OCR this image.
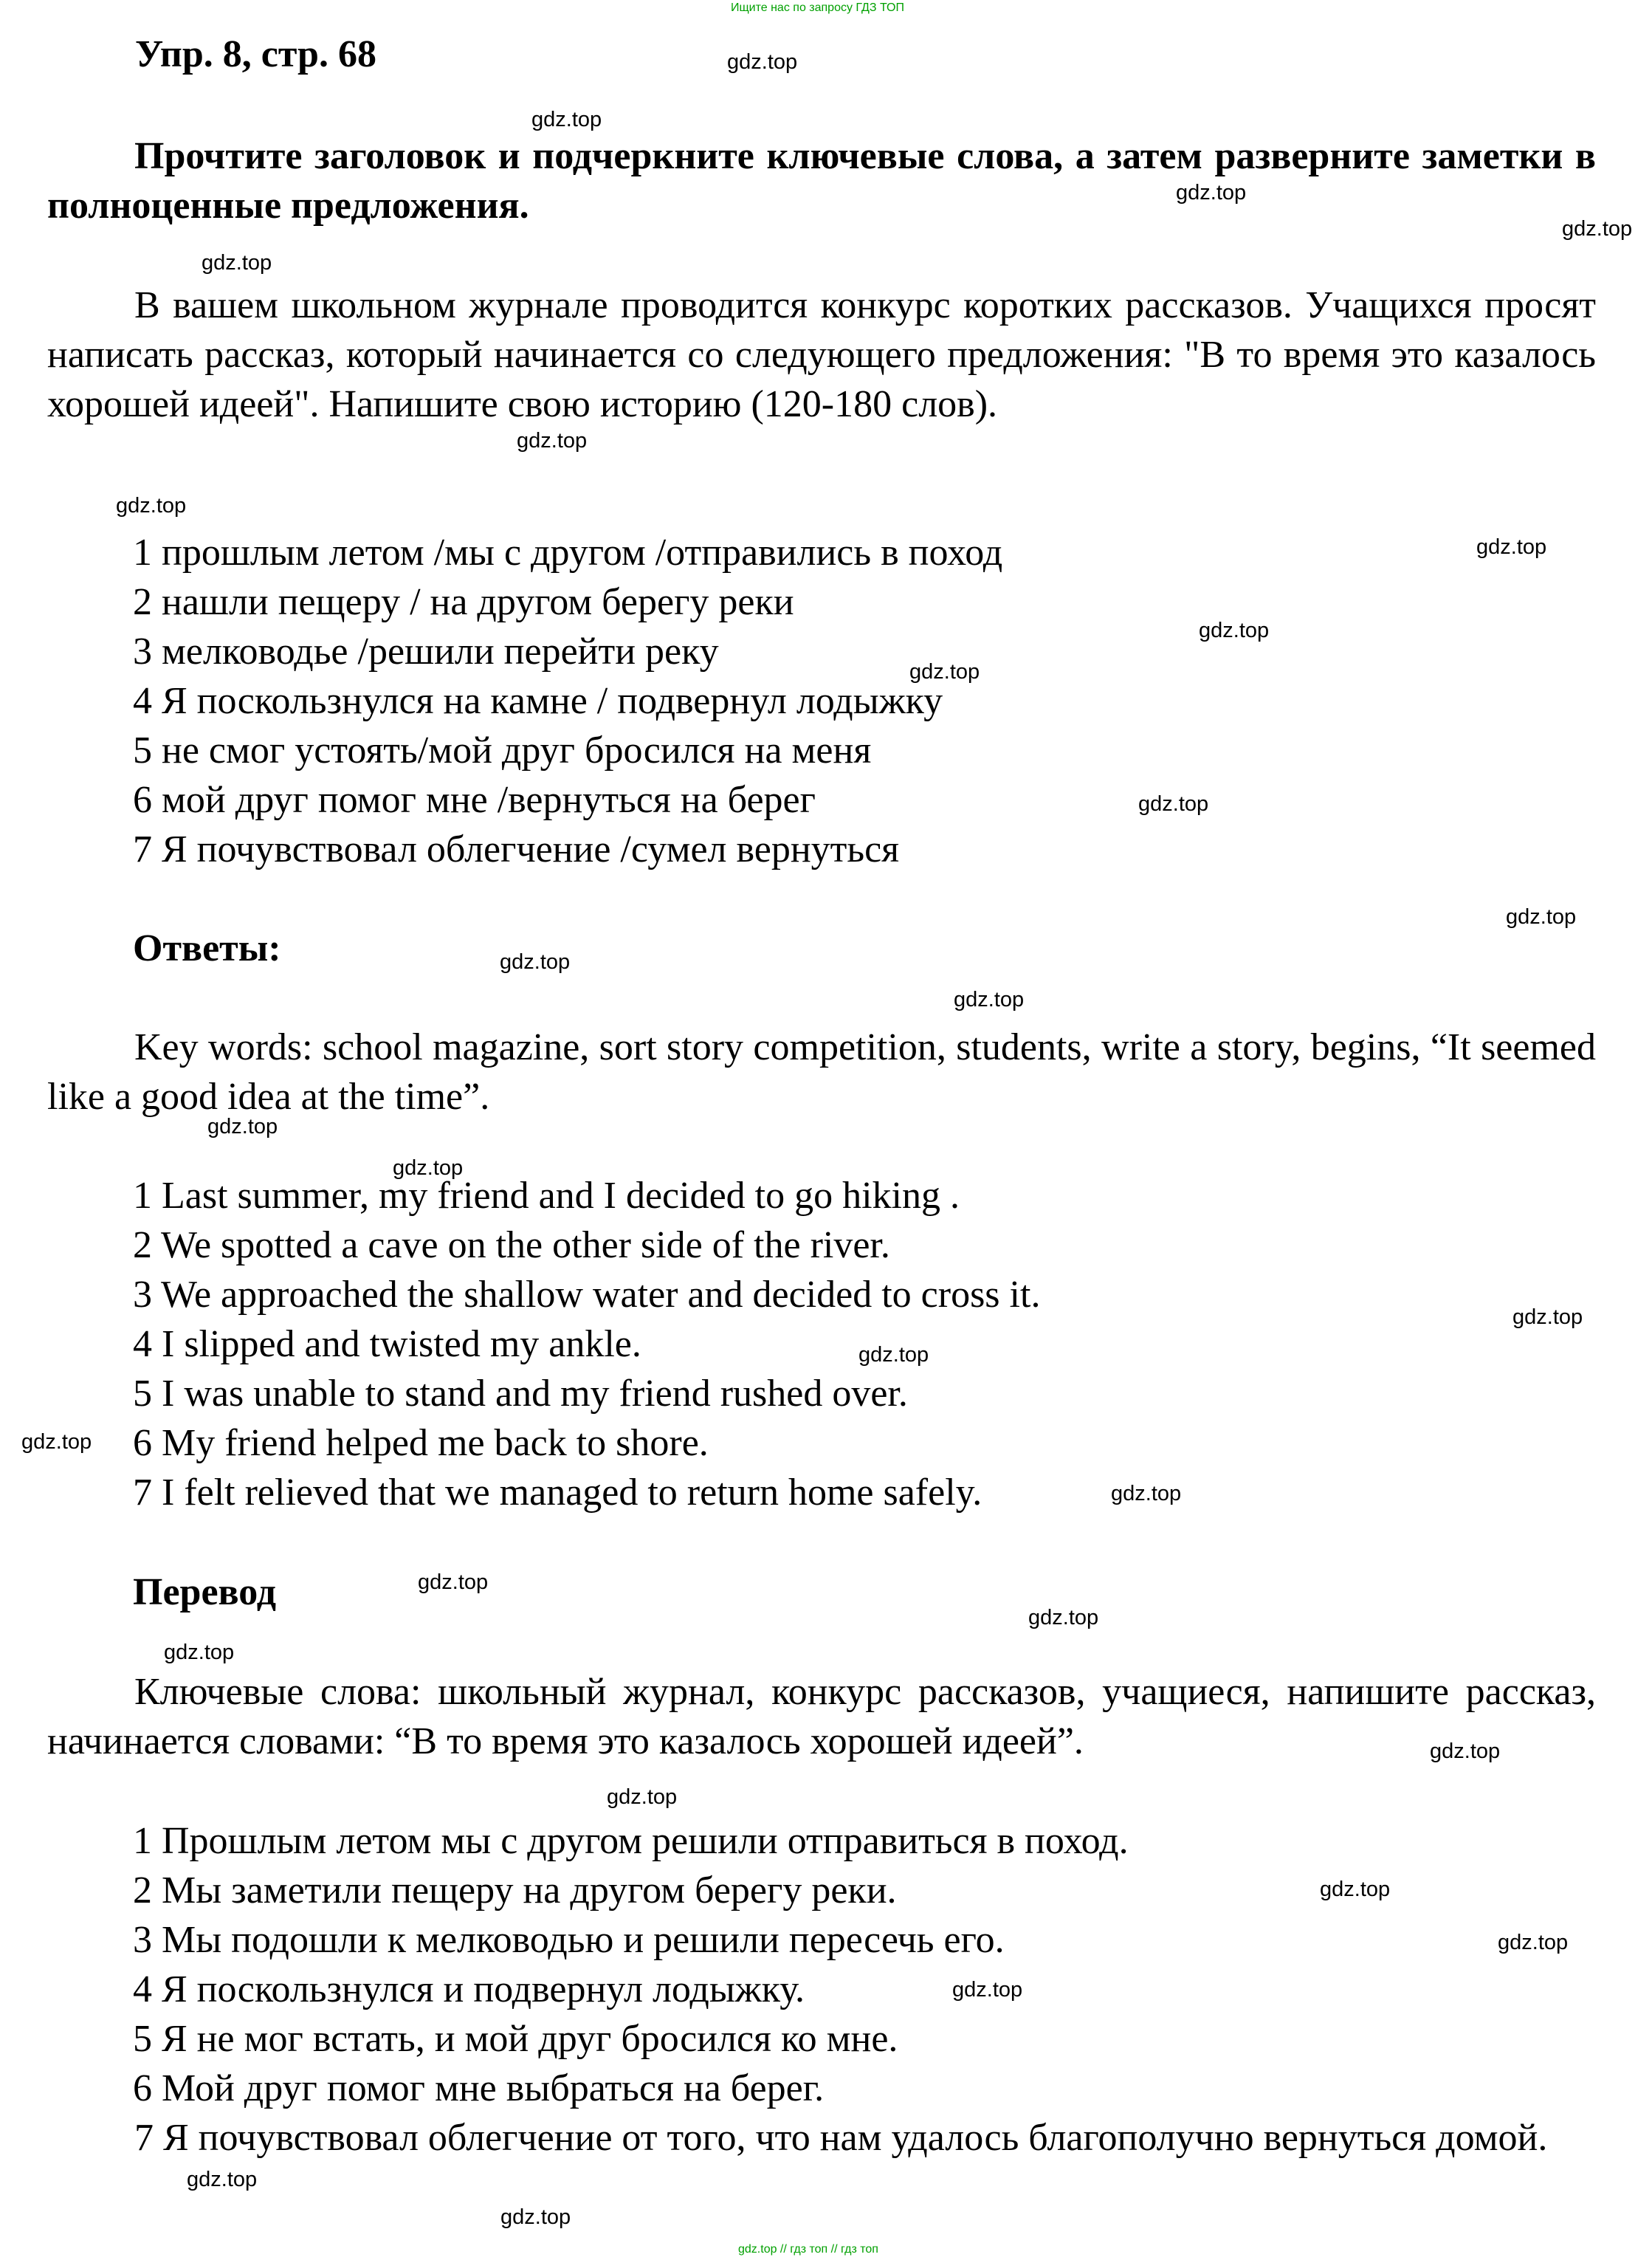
Ищите нас по запросу ГДЗ ТОП
Упр. 8, стр. 68
Прочтите заголовок и подчеркните ключевые слова, а затем разверните заметки в полноценные предложения.
В вашем школьном журнале проводится конкурс коротких рассказов. Учащихся просят написать рассказ, который начинается со следующего предложения: "В то время это казалось хорошей идеей". Напишите свою историю (120-180 слов).
1 прошлым летом /мы с другом /отправились в поход
2 нашли пещеру / на другом берегу реки
3 мелководье /решили перейти реку
4 Я поскользнулся на камне / подвернул лодыжку
5 не смог устоять/мой друг бросился на меня
6 мой друг помог мне /вернуться на берег
7 Я почувствовал облегчение /сумел вернуться
Ответы:
Key words: school magazine, sort story competition, students, write a story, begins, “It seemed like a good idea at the time”.
1 Last summer, my friend and I decided to go hiking .
2 We spotted a cave on the other side of the river.
3 We approached the shallow water and decided to cross it.
4 I slipped and twisted my ankle.
5 I was unable to stand and my friend rushed over.
6 My friend helped me back to shore.
7 I felt relieved that we managed to return home safely.
Перевод
Ключевые слова: школьный журнал, конкурс рассказов, учащиеся, напишите рассказ, начинается словами: “В то время это казалось хорошей идеей”.
1 Прошлым летом мы с другом решили отправиться в поход.
2 Мы заметили пещеру на другом берегу реки.
3 Мы подошли к мелководью и решили пересечь его.
4 Я поскользнулся и подвернул лодыжку.
5 Я не мог встать, и мой друг бросился ко мне.
6 Мой друг помог мне выбраться на берег.
7 Я почувствовал облегчение от того, что нам удалось благополучно вернуться домой.
gdz.top
gdz.top
gdz.top
gdz.top
gdz.top
gdz.top
gdz.top
gdz.top
gdz.top
gdz.top
gdz.top
gdz.top
gdz.top
gdz.top
gdz.top
gdz.top
gdz.top
gdz.top
gdz.top
gdz.top
gdz.top
gdz.top
gdz.top
gdz.top
gdz.top
gdz.top
gdz.top
gdz.top
gdz.top
gdz.top
gdz.top // гдз топ // гдз топ
